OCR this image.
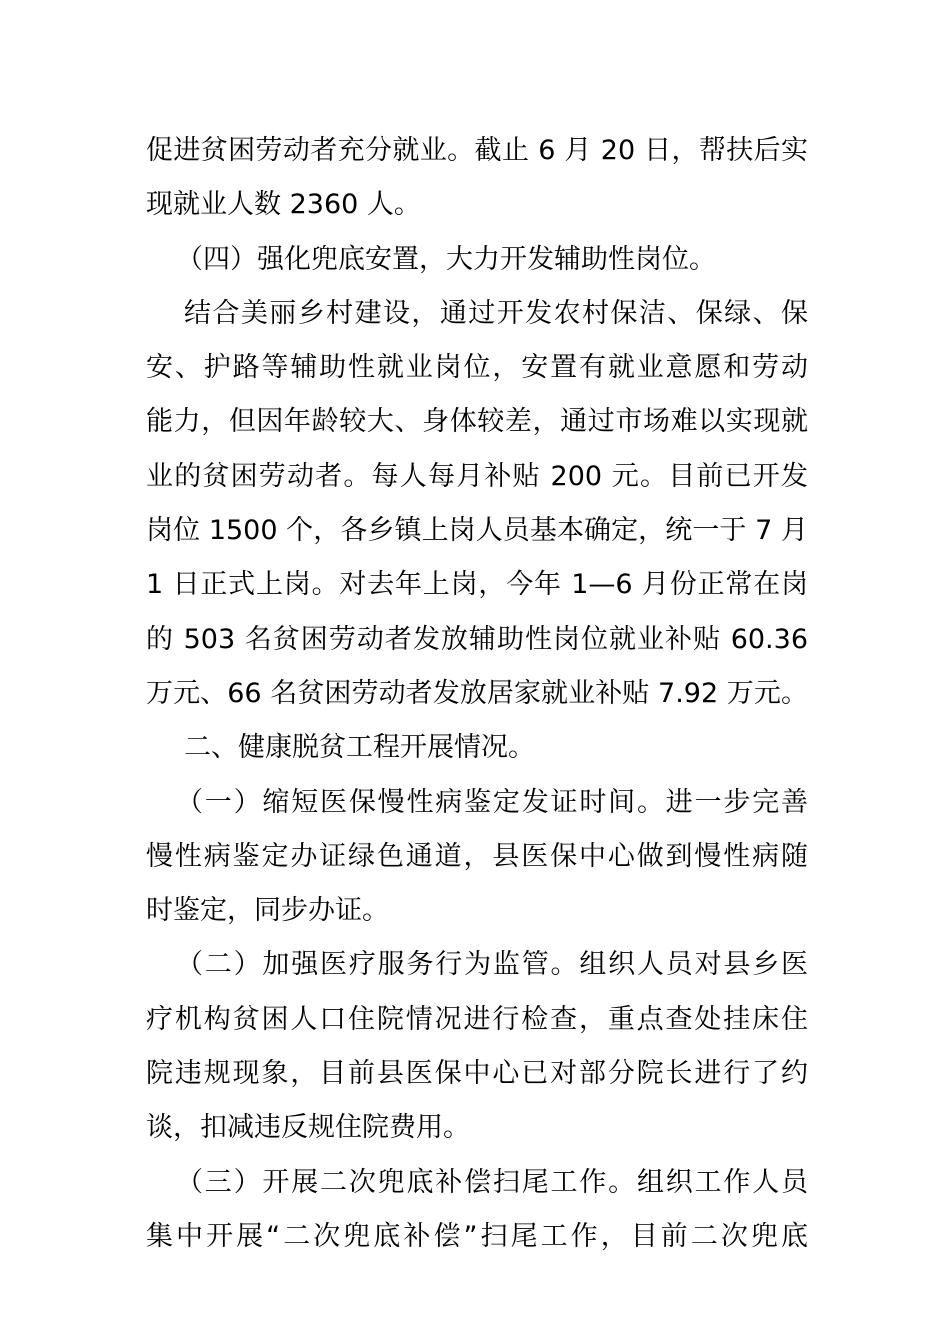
促进贫困劳动者充分就业。截止 6 月 20 日，帮扶后实
现就业人数 2360 人。
（四）强化兜底安置，大力开发辅助性岗位。
结合美丽乡村建设，通过开发农村保洁、保绿、保
安、护路等辅助性就业岗位，安置有就业意愿和劳动
能力，但因年龄较大、身体较差，通过市场难以实现就
业的贫困劳动者。每人每月补贴 200 元。目前已开发
岗位 1500 个，各乡镇上岗人员基本确定，统一于 7 月
1 日正式上岗。对去年上岗，今年 1—6 月份正常在岗
的 503 名贫困劳动者发放辅助性岗位就业补贴 60.36
万元、66 名贫困劳动者发放居家就业补贴 7.92 万元。
二、健康脱贫工程开展情况。
（一）缩短医保慢性病鉴定发证时间。进一步完善
慢性病鉴定办证绿色通道，县医保中心做到慢性病随
时鉴定，同步办证。
（二）加强医疗服务行为监管。组织人员对县乡医
疗机构贫困人口住院情况进行检查，重点查处挂床住
院违规现象，目前县医保中心已对部分院长进行了约
谈，扣减违反规住院费用。
（三）开展二次兜底补偿扫尾工作。组织工作人员
集中开展“二次兜底补偿”扫尾工作，目前二次兜底
